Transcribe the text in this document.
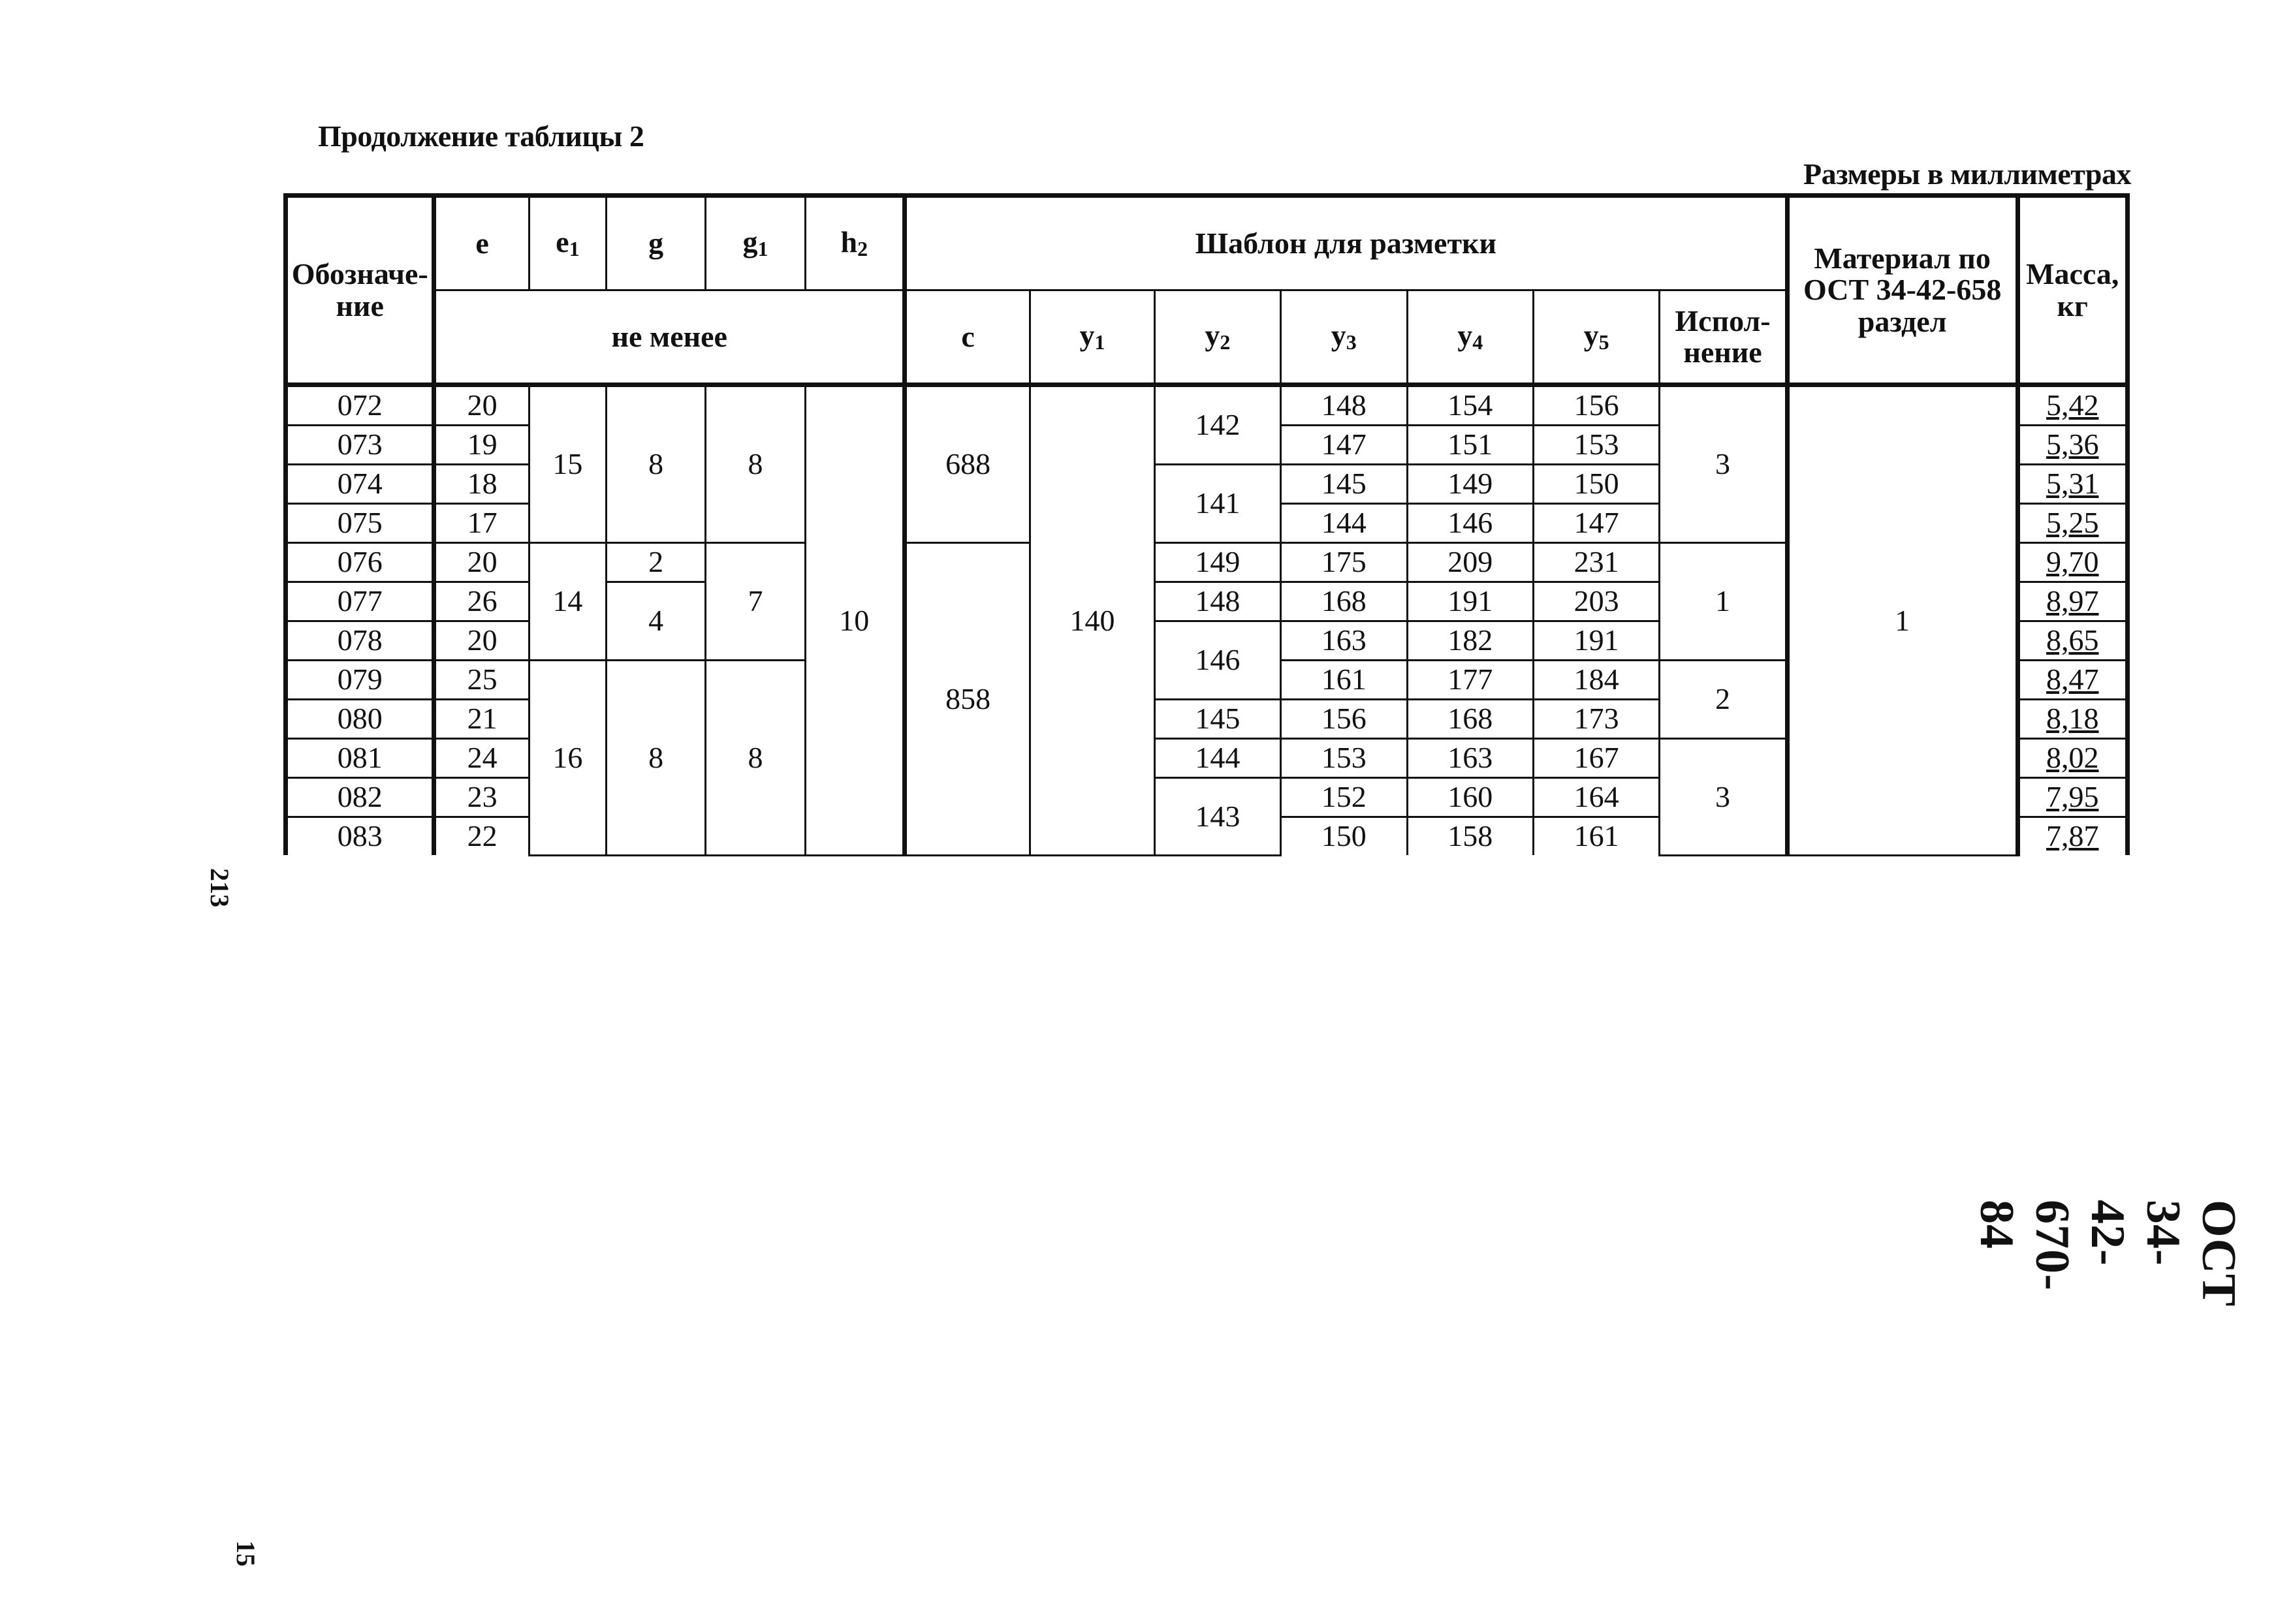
Продолжение таблицы 2
Размеры в миллиметрах
Обозначе-ние	e	e1	g	g1	h2	Шаблон для разметки							Материал по ОСТ 34-42-658 раздел	Масса, кг
	не менее					c	y1	y2	y3	y4	y5	Испол-нение		
072	20	15	8	8	10	688	140	142	148	154	156	3	1	5,42
073	19								147	151	153			5,36
074	18							141	145	149	150			5,31
075	17								144	146	147			5,25
076	20	14	2	7		858		149	175	209	231	1		9,70
077	26		4					148	168	191	203			8,97
078	20							146	163	182	191			8,65
079	25	16	8	8					161	177	184	2		8,47
080	21							145	156	168	173			8,18
081	24							144	153	163	167	3		8,02
082	23							143	152	160	164			7,95
083	22								150	158	161			7,87
213
15
ОСТ 34-42-670-84
